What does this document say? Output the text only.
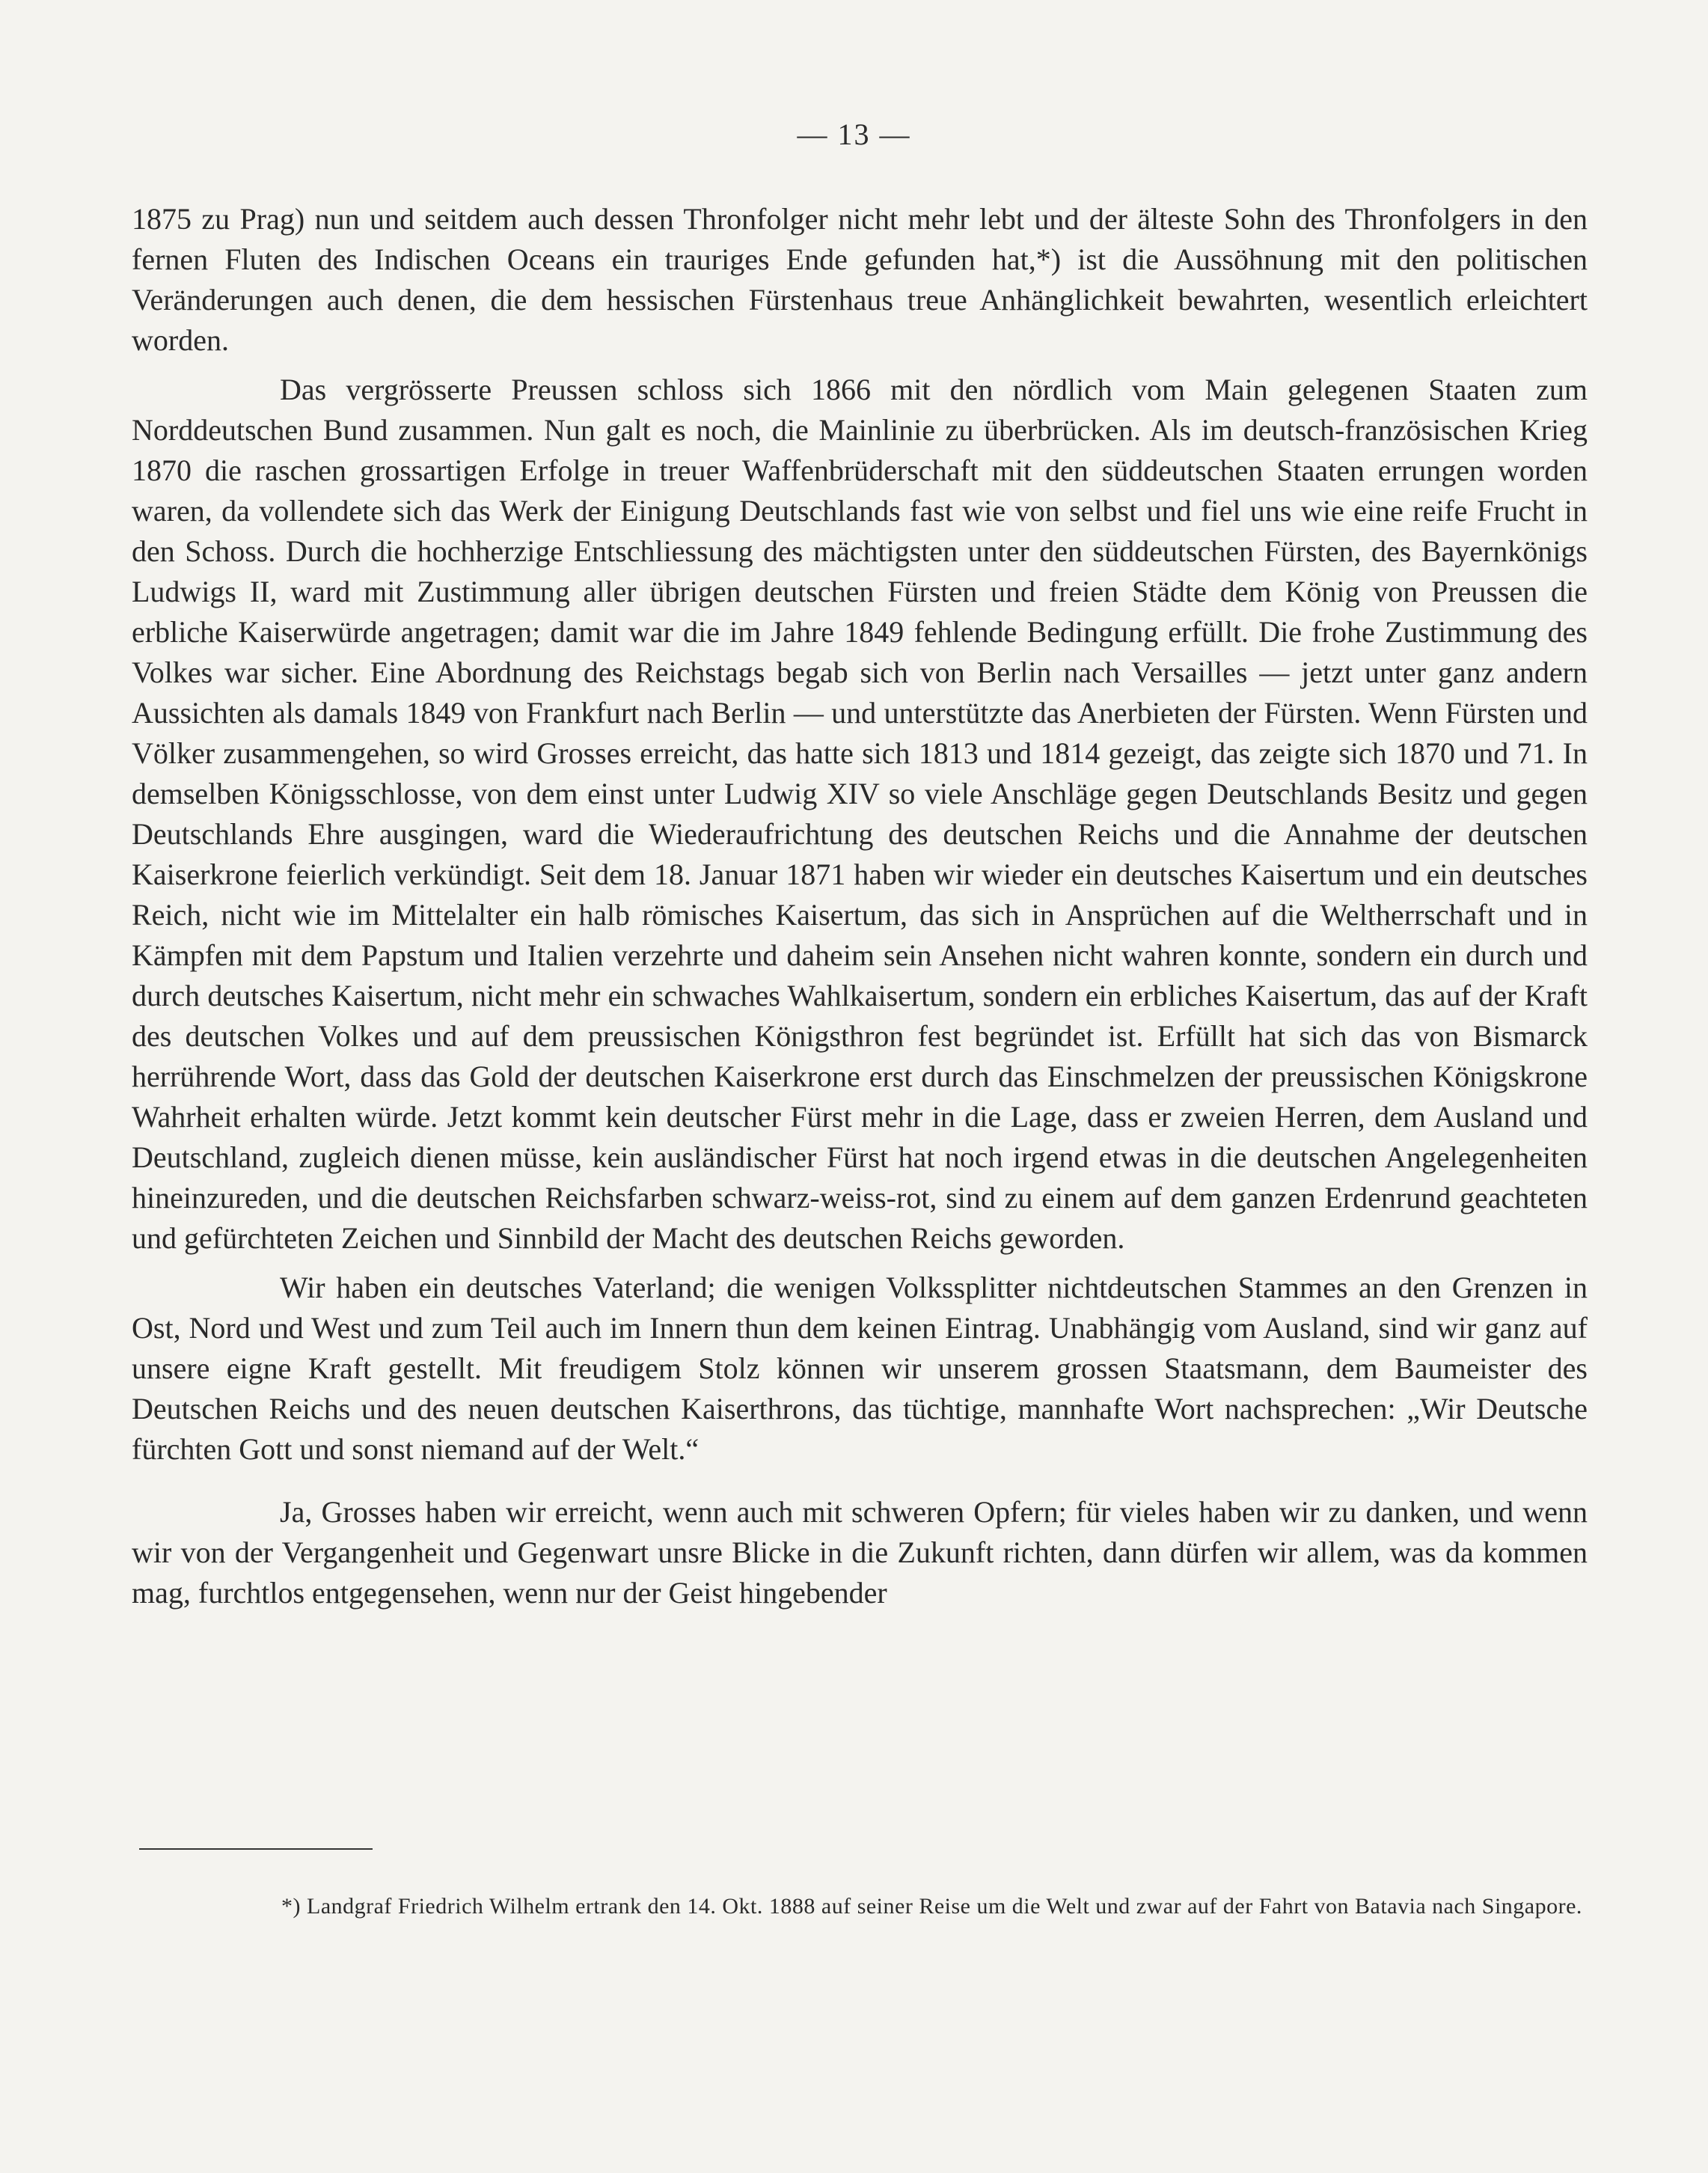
— 13 —

1875 zu Prag) nun und seitdem auch dessen Thronfolger nicht mehr lebt und der älteste Sohn des Thronfolgers in den fernen Fluten des Indischen Oceans ein trauriges Ende gefunden hat,*) ist die Aussöhnung mit den politischen Veränderungen auch denen, die dem hessischen Fürstenhaus treue Anhänglichkeit bewahrten, wesentlich erleichtert worden.

Das vergrösserte Preussen schloss sich 1866 mit den nördlich vom Main gelegenen Staaten zum Norddeutschen Bund zusammen. Nun galt es noch, die Mainlinie zu überbrücken. Als im deutsch-französischen Krieg 1870 die raschen grossartigen Erfolge in treuer Waffenbrüderschaft mit den süddeutschen Staaten errungen worden waren, da vollendete sich das Werk der Einigung Deutschlands fast wie von selbst und fiel uns wie eine reife Frucht in den Schoss. Durch die hochherzige Entschliessung des mächtigsten unter den süddeutschen Fürsten, des Bayernkönigs Ludwigs II, ward mit Zustimmung aller übrigen deutschen Fürsten und freien Städte dem König von Preussen die erbliche Kaiserwürde angetragen; damit war die im Jahre 1849 fehlende Bedingung erfüllt. Die frohe Zustimmung des Volkes war sicher. Eine Abordnung des Reichstags begab sich von Berlin nach Versailles — jetzt unter ganz andern Aussichten als damals 1849 von Frankfurt nach Berlin — und unterstützte das Anerbieten der Fürsten. Wenn Fürsten und Völker zusammengehen, so wird Grosses erreicht, das hatte sich 1813 und 1814 gezeigt, das zeigte sich 1870 und 71. In demselben Königsschlosse, von dem einst unter Ludwig XIV so viele Anschläge gegen Deutschlands Besitz und gegen Deutschlands Ehre ausgingen, ward die Wiederaufrichtung des deutschen Reichs und die Annahme der deutschen Kaiserkrone feierlich verkündigt. Seit dem 18. Januar 1871 haben wir wieder ein deutsches Kaisertum und ein deutsches Reich, nicht wie im Mittelalter ein halb römisches Kaisertum, das sich in Ansprüchen auf die Weltherrschaft und in Kämpfen mit dem Papstum und Italien verzehrte und daheim sein Ansehen nicht wahren konnte, sondern ein durch und durch deutsches Kaisertum, nicht mehr ein schwaches Wahlkaisertum, sondern ein erbliches Kaisertum, das auf der Kraft des deutschen Volkes und auf dem preussischen Königsthron fest begründet ist. Erfüllt hat sich das von Bismarck herrührende Wort, dass das Gold der deutschen Kaiserkrone erst durch das Einschmelzen der preussischen Königskrone Wahrheit erhalten würde. Jetzt kommt kein deutscher Fürst mehr in die Lage, dass er zweien Herren, dem Ausland und Deutschland, zugleich dienen müsse, kein ausländischer Fürst hat noch irgend etwas in die deutschen Angelegenheiten hineinzureden, und die deutschen Reichsfarben schwarz-weiss-rot, sind zu einem auf dem ganzen Erdenrund geachteten und gefürchteten Zeichen und Sinnbild der Macht des deutschen Reichs geworden.

Wir haben ein deutsches Vaterland; die wenigen Volkssplitter nichtdeutschen Stammes an den Grenzen in Ost, Nord und West und zum Teil auch im Innern thun dem keinen Eintrag. Unabhängig vom Ausland, sind wir ganz auf unsere eigne Kraft gestellt. Mit freudigem Stolz können wir unserem grossen Staatsmann, dem Baumeister des Deutschen Reichs und des neuen deutschen Kaiserthrons, das tüchtige, mannhafte Wort nachsprechen: „Wir Deutsche fürchten Gott und sonst niemand auf der Welt.“

Ja, Grosses haben wir erreicht, wenn auch mit schweren Opfern; für vieles haben wir zu danken, und wenn wir von der Vergangenheit und Gegenwart unsre Blicke in die Zukunft richten, dann dürfen wir allem, was da kommen mag, furchtlos entgegensehen, wenn nur der Geist hingebender

*) Landgraf Friedrich Wilhelm ertrank den 14. Okt. 1888 auf seiner Reise um die Welt und zwar auf der Fahrt von Batavia nach Singapore.
